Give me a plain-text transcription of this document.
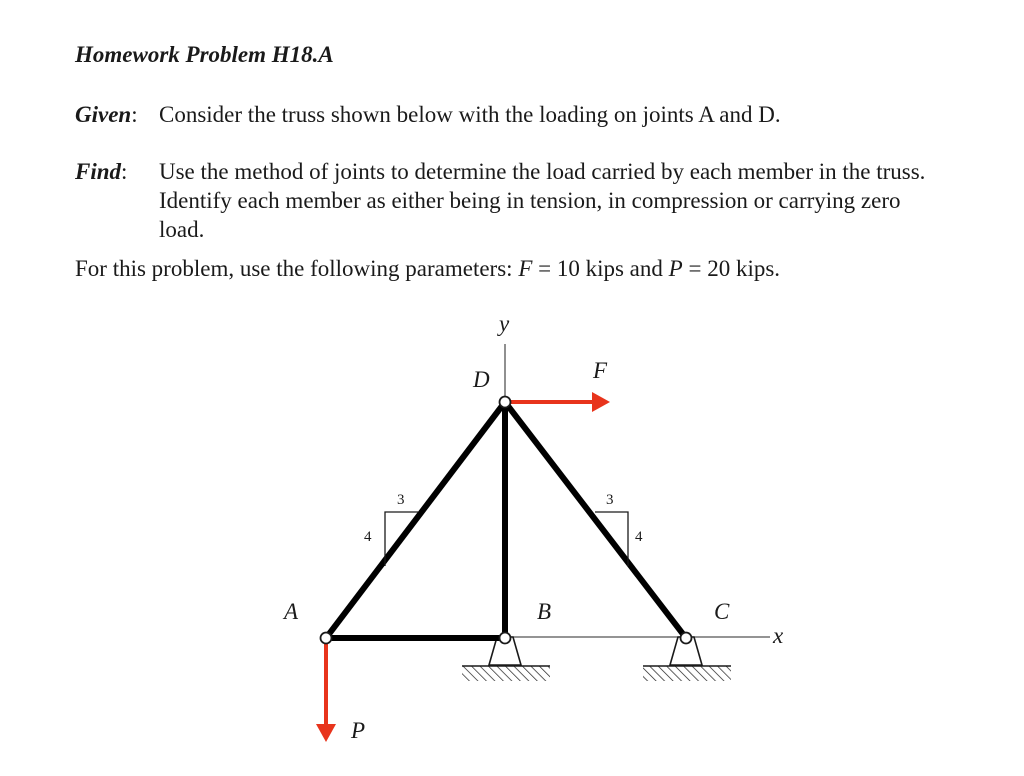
Homework Problem H18.A
Given: Consider the truss shown below with the loading on joints A and D.
Find: Use the method of joints to determine the load carried by each member in the truss. Identify each member as either being in tension, in compression or carrying zero load.
For this problem, use the following parameters: F = 10 kips and P = 20 kips.
y
x
A	B	C
D	F
P
3
4
3
4
